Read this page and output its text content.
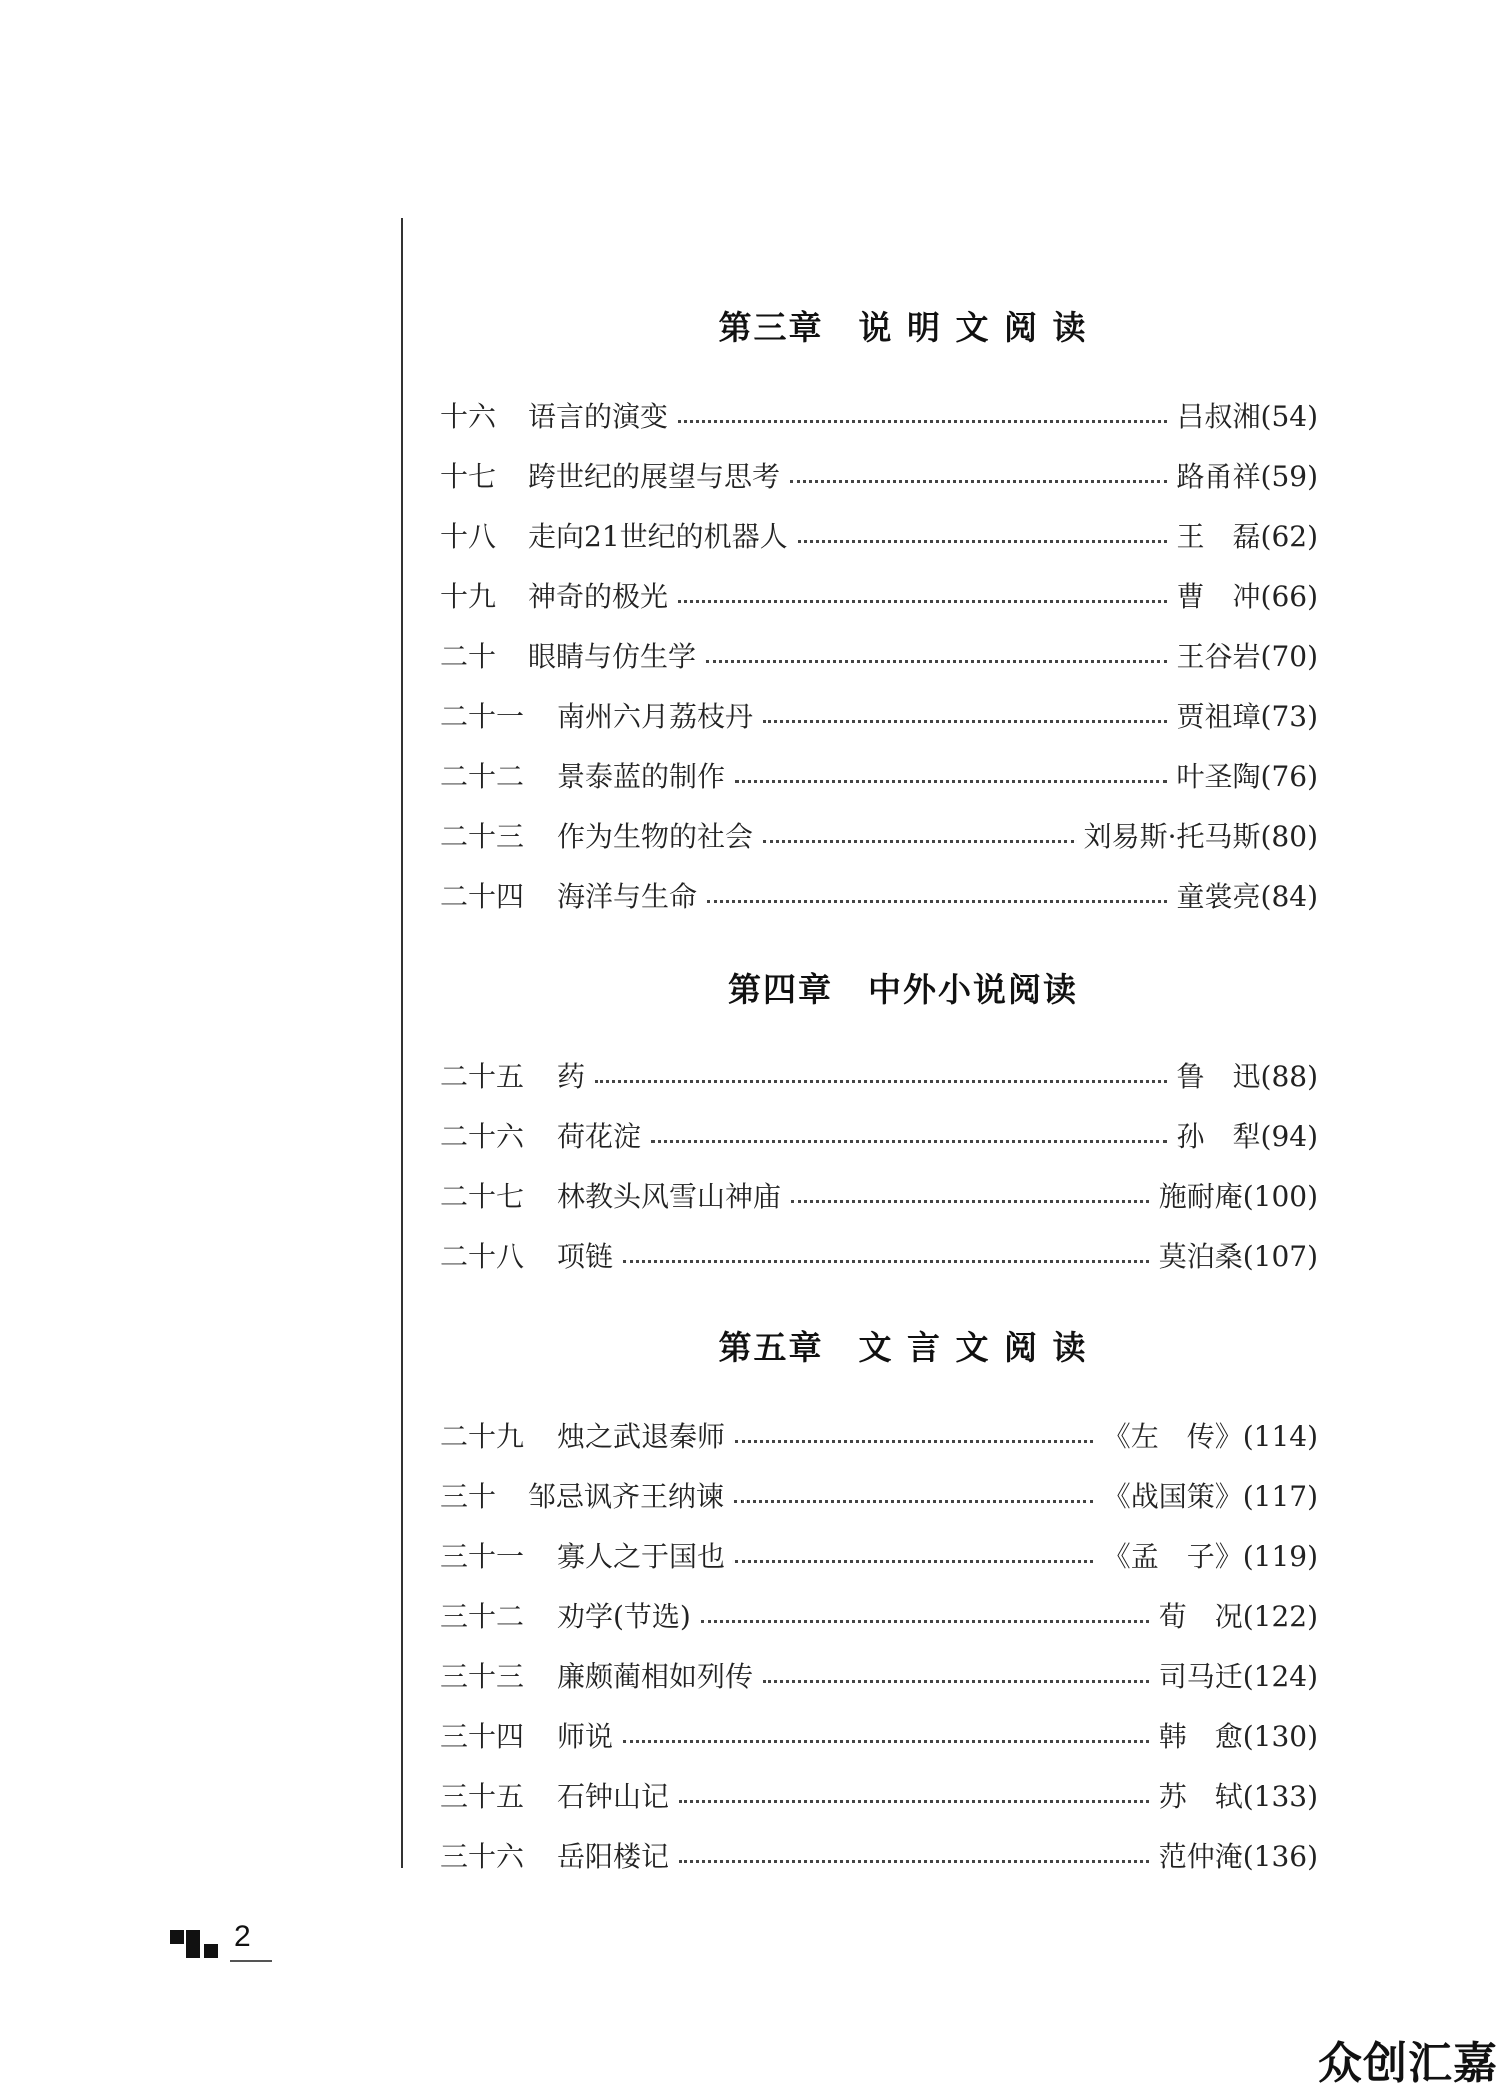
第三章　说 明 文 阅 读
十六	语言的演变	吕叔湘(54)
十七	跨世纪的展望与思考	路甬祥(59)
十八	走向21世纪的机器人	王　磊(62)
十九	神奇的极光	曹　冲(66)
二十	眼睛与仿生学	王谷岩(70)
二十一	南州六月荔枝丹	贾祖璋(73)
二十二	景泰蓝的制作	叶圣陶(76)
二十三	作为生物的社会	刘易斯·托马斯(80)
二十四	海洋与生命	童裳亮(84)
第四章　中外小说阅读
二十五	药	鲁　迅(88)
二十六	荷花淀	孙　犁(94)
二十七	林教头风雪山神庙	施耐庵(100)
二十八	项链	莫泊桑(107)
第五章　文 言 文 阅 读
二十九	烛之武退秦师	《左　传》(114)
三十	邹忌讽齐王纳谏	《战国策》(117)
三十一	寡人之于国也	《孟　子》(119)
三十二	劝学(节选)	荀　况(122)
三十三	廉颇蔺相如列传	司马迁(124)
三十四	师说	韩　愈(130)
三十五	石钟山记	苏　轼(133)
三十六	岳阳楼记	范仲淹(136)
2
众创汇嘉
